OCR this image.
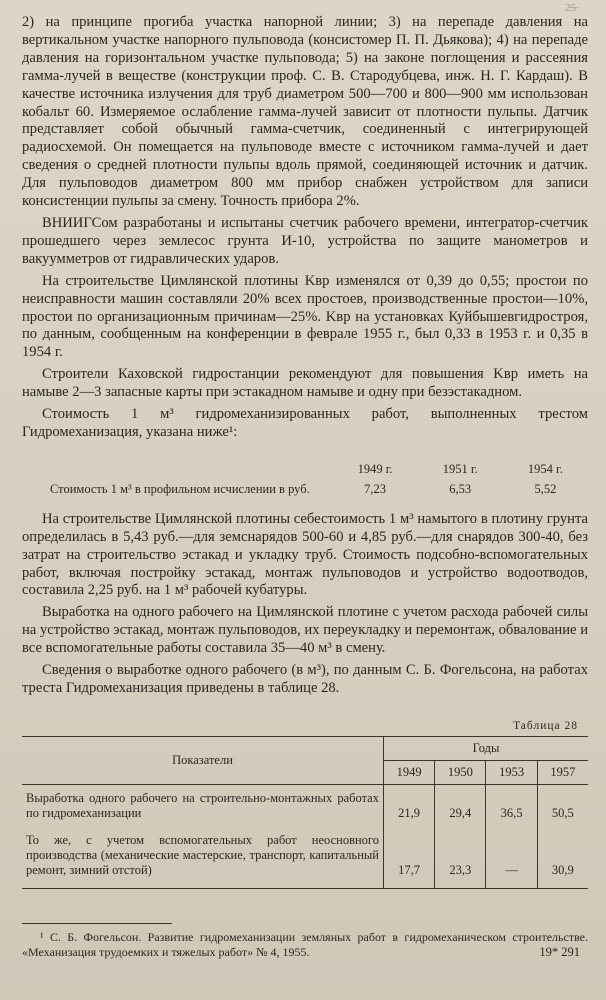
2̶5̶

2) на принципе прогиба участка напорной линии; 3) на перепаде давления на вертикальном участке напорного пульповода (консистомер П. П. Дьякова); 4) на перепаде давления на горизонтальном участке пульповода; 5) на законе поглощения и рассеяния гамма-лучей в веществе (конструкции проф. С. В. Стародубцева, инж. Н. Г. Кардаш). В качестве источника излучения для труб диаметром 500—700 и 800—900 мм использован кобальт 60. Измеряемое ослабление гамма-лучей зависит от плотности пульпы. Датчик представляет собой обычный гамма-счетчик, соединенный с интегрирующей радиосхемой. Он помещается на пульповоде вместе с источником гамма-лучей и дает сведения о средней плотности пульпы вдоль прямой, соединяющей источник и датчик. Для пульповодов диаметром 800 мм прибор снабжен устройством для записи консистенции пульпы за смену. Точность прибора 2%.

ВНИИГСом разработаны и испытаны счетчик рабочего времени, интегратор-счетчик прошедшего через землесос грунта И-10, устройства по защите манометров и вакуумметров от гидравлических ударов.

На строительстве Цимлянской плотины Kвр изменялся от 0,39 до 0,55; простои по неисправности машин составляли 20% всех простоев, производственные простои—10%, простои по организационным причинам—25%. Kвр на установках Куйбышевгидростроя, по данным, сообщенным на конференции в феврале 1955 г., был 0,33 в 1953 г. и 0,35 в 1954 г.

Строители Каховской гидростанции рекомендуют для повышения Kвр иметь на намыве 2—3 запасные карты при эстакадном намыве и одну при безэстакадном.

Стоимость 1 м³ гидромеханизированных работ, выполненных трестом Гидромеханизация, указана ниже¹:

	1949 г.	1951 г.	1954 г.
Стоимость 1 м³ в профильном исчислении в руб.	7,23	6,53	5,52

На строительстве Цимлянской плотины себестоимость 1 м³ намытого в плотину грунта определилась в 5,43 руб.—для земснарядов 500-60 и 4,85 руб.—для снарядов 300-40, без затрат на строительство эстакад и укладку труб. Стоимость подсобно-вспомогательных работ, включая постройку эстакад, монтаж пульповодов и устройство водоотводов, составила 2,25 руб. на 1 м³ рабочей кубатуры.

Выработка на одного рабочего на Цимлянской плотине с учетом расхода рабочей силы на устройство эстакад, монтаж пульповодов, их переукладку и перемонтаж, обвалование и все вспомогательные работы составила 35—40 м³ в смену.

Сведения о выработке одного рабочего (в м³), по данным С. Б. Фогельсона, на работах треста Гидромеханизация приведены в таблице 28.

Таблица 28
Показатели	Годы			
	1949	1950	1953	1957
Выработка одного рабочего на строительно-монтажных работах по гидромеханизации	21,9	29,4	36,5	50,5
То же, с учетом вспомогательных работ неосновного производства (механические мастерские, транспорт, капитальный ремонт, зимний отстой)	17,7	23,3	—	30,9

¹ С. Б. Фогельсон. Развитие гидромеханизации земляных работ в гидромеханическом строительстве. «Механизация трудоемких и тяжелых работ» № 4, 1955.	19* 291
